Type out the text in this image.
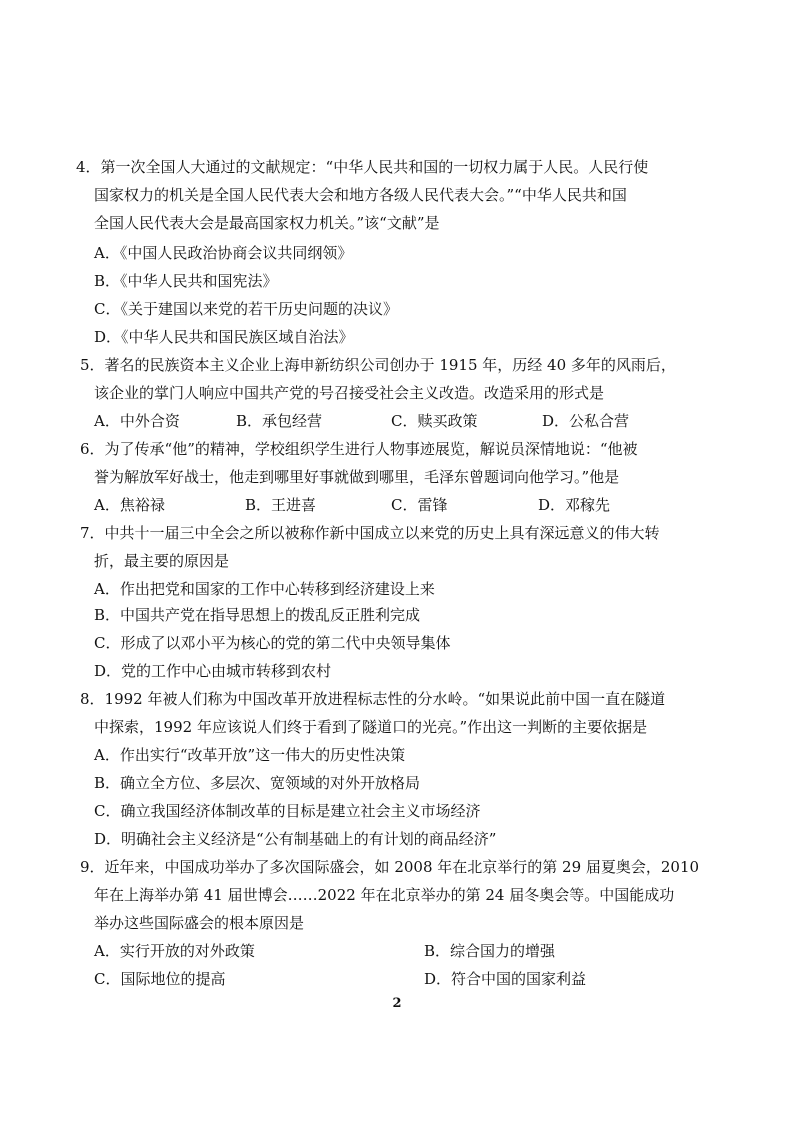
4．第一次全国人大通过的文献规定：“中华人民共和国的一切权力属于人民。人民行使
国家权力的机关是全国人民代表大会和地方各级人民代表大会。”“中华人民共和国
全国人民代表大会是最高国家权力机关。”该“文献”是
A．《中国人民政治协商会议共同纲领》
B．《中华人民共和国宪法》
C．《关于建国以来党的若干历史问题的决议》
D．《中华人民共和国民族区域自治法》
5．著名的民族资本主义企业上海申新纺织公司创办于 1915 年，历经 40 多年的风雨后，
该企业的掌门人响应中国共产党的号召接受社会主义改造。改造采用的形式是
A．中外合资	B．承包经营	C．赎买政策	D．公私合营
6．为了传承“他”的精神，学校组织学生进行人物事迹展览，解说员深情地说：“他被
誉为解放军好战士，他走到哪里好事就做到哪里，毛泽东曾题词向他学习。”他是
A．焦裕禄	B．王进喜	C．雷锋	D．邓稼先
7．中共十一届三中全会之所以被称作新中国成立以来党的历史上具有深远意义的伟大转
折，最主要的原因是
A．作出把党和国家的工作中心转移到经济建设上来
B．中国共产党在指导思想上的拨乱反正胜利完成
C．形成了以邓小平为核心的党的第二代中央领导集体
D．党的工作中心由城市转移到农村
8．1992 年被人们称为中国改革开放进程标志性的分水岭。“如果说此前中国一直在隧道
中探索，1992 年应该说人们终于看到了隧道口的光亮。”作出这一判断的主要依据是
A．作出实行“改革开放”这一伟大的历史性决策
B．确立全方位、多层次、宽领域的对外开放格局
C．确立我国经济体制改革的目标是建立社会主义市场经济
D．明确社会主义经济是“公有制基础上的有计划的商品经济”
9．近年来，中国成功举办了多次国际盛会，如 2008 年在北京举行的第 29 届夏奥会，2010
年在上海举办第 41 届世博会……2022 年在北京举办的第 24 届冬奥会等。中国能成功
举办这些国际盛会的根本原因是
A．实行开放的对外政策	B．综合国力的增强
C．国际地位的提高	D．符合中国的国家利益
2
